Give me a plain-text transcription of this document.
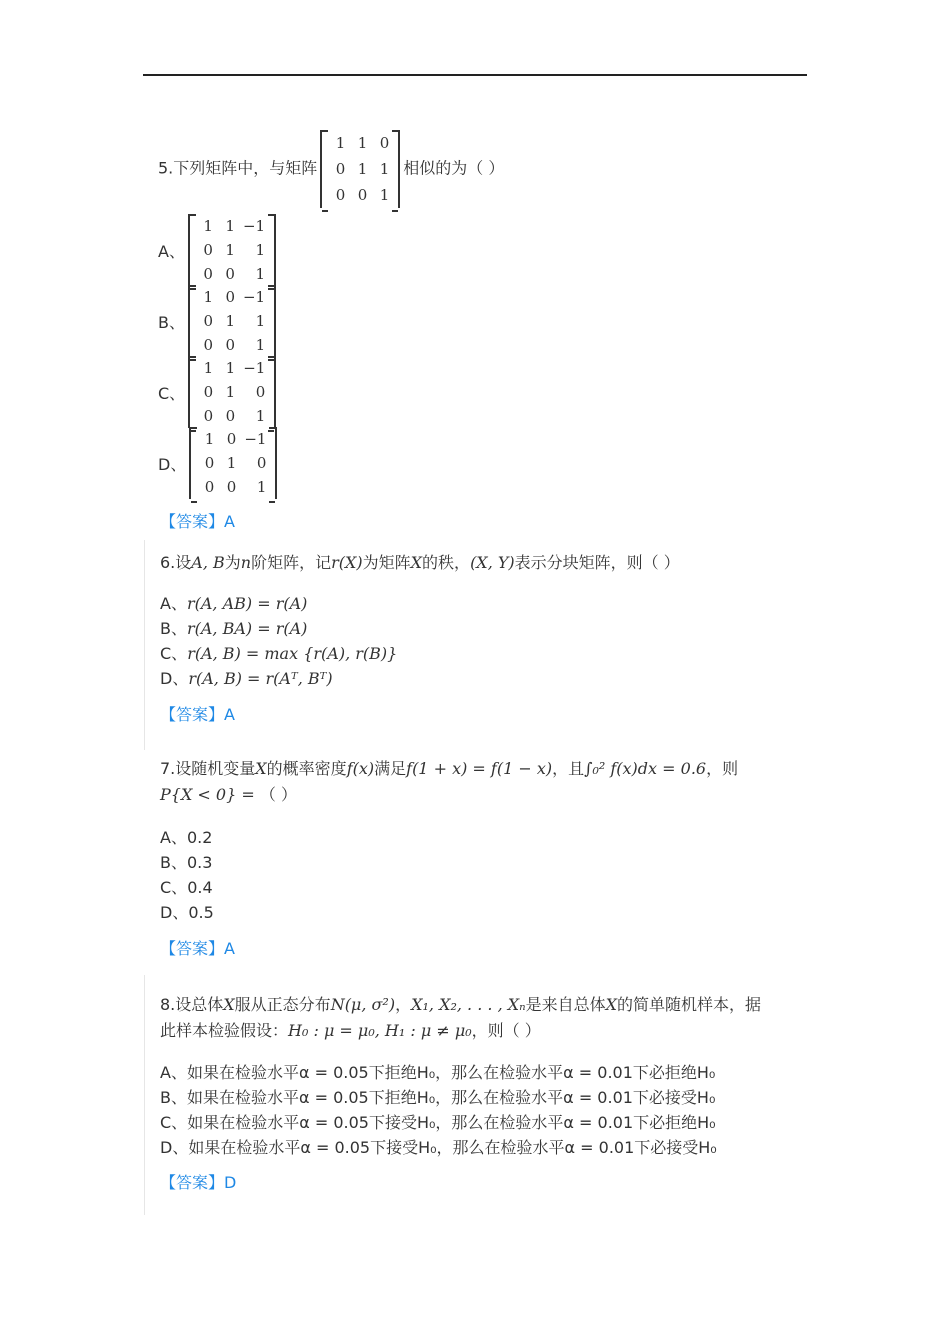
5.下列矩阵中，与矩阵
1	1	0
0	1	1
0	0	1
相似的为（ ）
A、
1	1	−1
0	1	1
0	0	1
B、
1	0	−1
0	1	1
0	0	1
C、
1	1	−1
0	1	0
0	0	1
D、
1	0	−1
0	1	0
0	0	1
【答案】A
6.设A, B为n阶矩阵，记r(X)为矩阵X的秩，(X, Y)表示分块矩阵，则（ ）
A、r(A, AB) = r(A)
B、r(A, BA) = r(A)
C、r(A, B) = max {r(A), r(B)}
D、r(A, B) = r(Aᵀ, Bᵀ)
【答案】A
7.设随机变量X的概率密度f(x)满足f(1 + x) = f(1 − x)，且∫₀² f(x)dx = 0.6，则
P{X < 0} = （ ）
A、0.2
B、0.3
C、0.4
D、0.5
【答案】A
8.设总体X服从正态分布N(μ, σ²)，X₁, X₂, . . . , Xₙ是来自总体X的简单随机样本，据
此样本检验假设：H₀ : μ = μ₀, H₁ : μ ≠ μ₀，则（ ）
A、如果在检验水平α = 0.05下拒绝H₀，那么在检验水平α = 0.01下必拒绝H₀
B、如果在检验水平α = 0.05下拒绝H₀，那么在检验水平α = 0.01下必接受H₀
C、如果在检验水平α = 0.05下接受H₀，那么在检验水平α = 0.01下必拒绝H₀
D、如果在检验水平α = 0.05下接受H₀，那么在检验水平α = 0.01下必接受H₀
【答案】D
